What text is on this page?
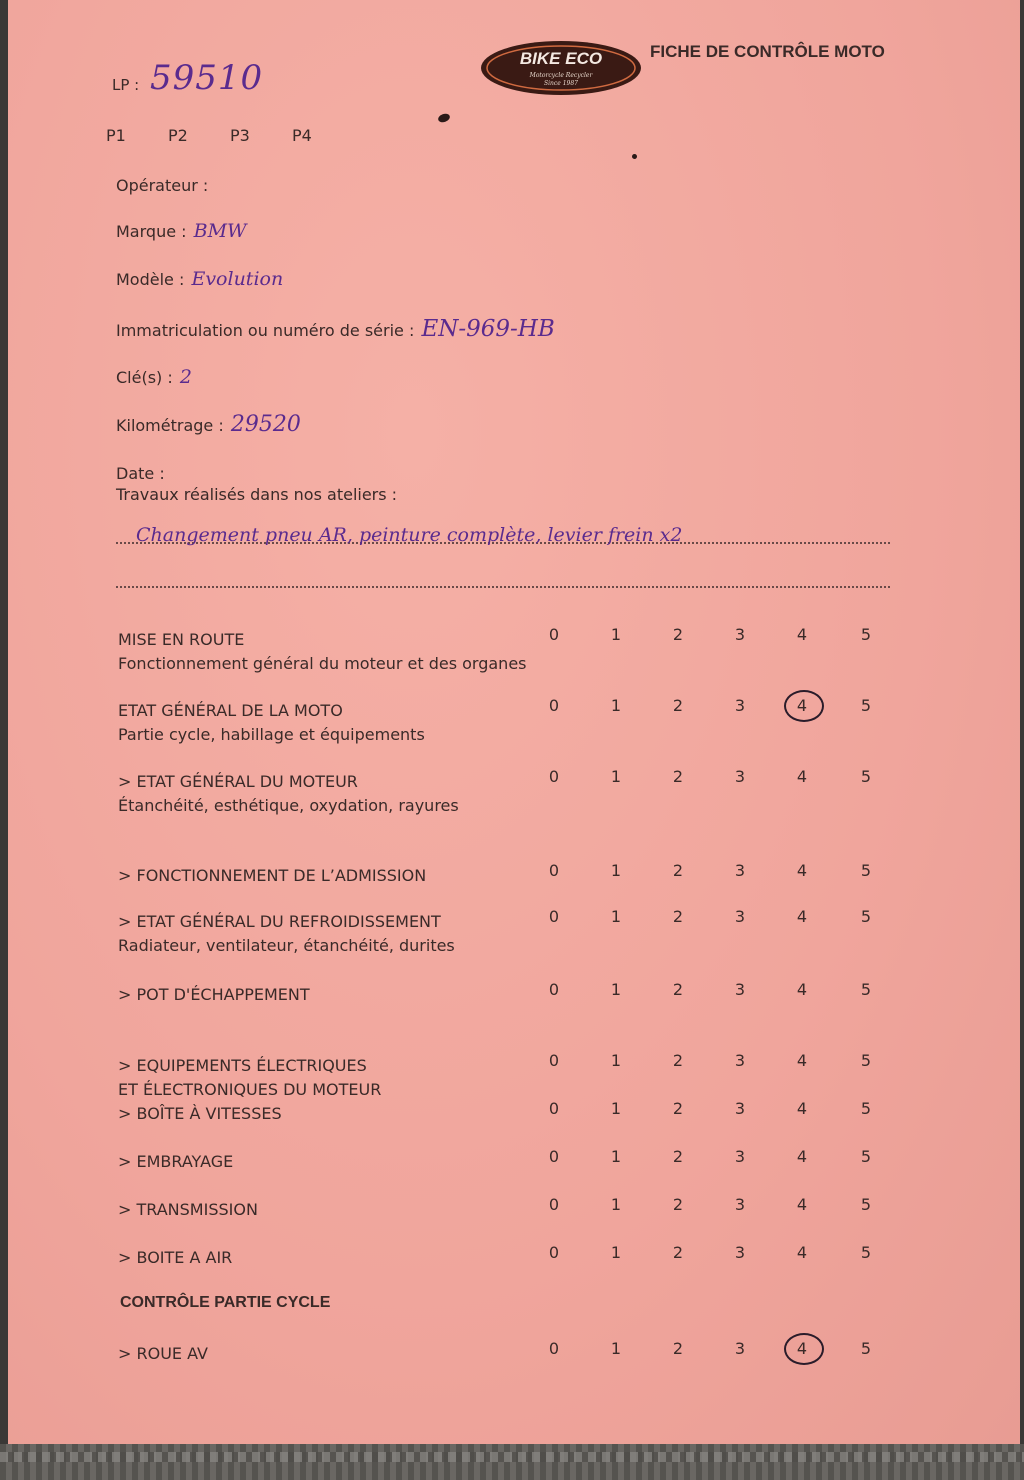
BIKE ECO
Motorcycle Recycler
Since 1987
FICHE DE CONTRÔLE MOTO
LP : 59510
P1	P2	P3	P4
Opérateur :
Marque : BMW
Modèle : Evolution
Immatriculation ou numéro de série : EN-969-HB
Clé(s) : 2
Kilométrage : 29520
Date :
Travaux réalisés dans nos ateliers :
Changement pneu AR, peinture complète, levier frein x2
MISE EN ROUTE
Fonctionnement général du moteur et des organes
0	1	2	3	4	5
ETAT GÉNÉRAL DE LA MOTO
Partie cycle, habillage et équipements
0	1	2	3	4	5
> ETAT GÉNÉRAL DU MOTEUR
Étanchéité, esthétique, oxydation, rayures
0	1	2	3	4	5
> FONCTIONNEMENT DE L’ADMISSION	0	1	2	3	4	5
> ETAT GÉNÉRAL DU REFROIDISSEMENT
Radiateur, ventilateur, étanchéité, durites
0	1	2	3	4	5
> POT D'ÉCHAPPEMENT	0	1	2	3	4	5
> EQUIPEMENTS ÉLECTRIQUES
ET ÉLECTRONIQUES DU MOTEUR
0	1	2	3	4	5
> BOÎTE À VITESSES	0	1	2	3	4	5
> EMBRAYAGE	0	1	2	3	4	5
> TRANSMISSION	0	1	2	3	4	5
> BOITE A AIR	0	1	2	3	4	5
CONTRÔLE PARTIE CYCLE
> ROUE AV	0	1	2	3	4	5
